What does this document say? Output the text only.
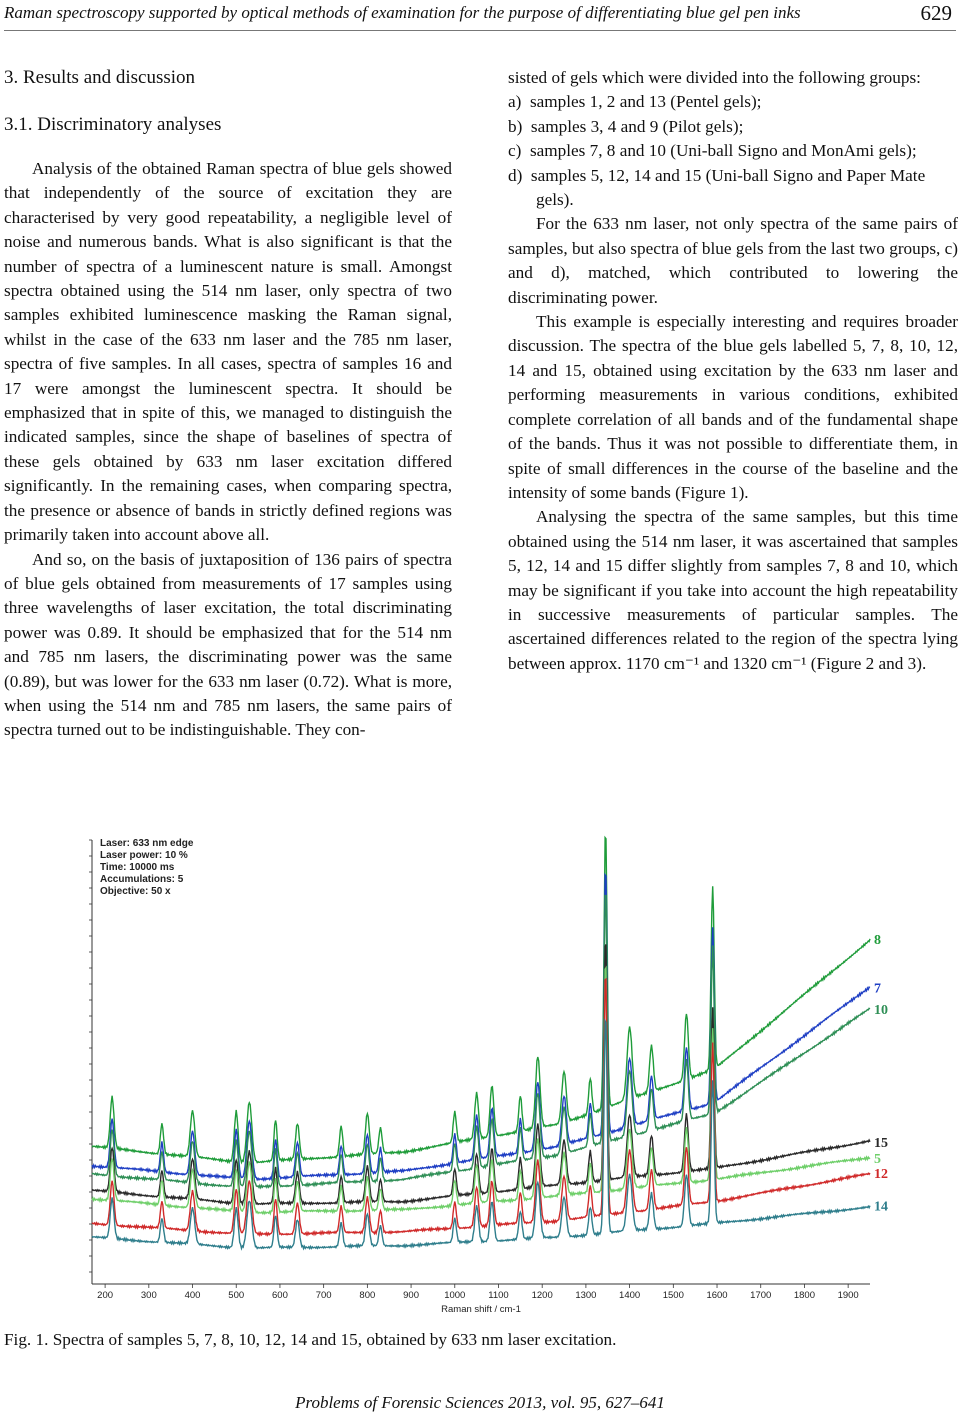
Raman spectroscopy supported by optical methods of examination for the purpose of differentiating blue gel pen inks	629

3. Results and discussion

3.1. Discriminatory analyses

Analysis of the obtained Raman spectra of blue gels showed that independently of the source of excitation they are characterised by very good repeatability, a negligible level of noise and numerous bands. What is also significant is that the number of spectra of a luminescent nature is small. Amongst spectra obtained using the 514 nm laser, only spectra of two samples exhibited luminescence masking the Raman signal, whilst in the case of the 633 nm laser and the 785 nm laser, spectra of five samples. In all cases, spectra of samples 16 and 17 were amongst the luminescent spectra. It should be emphasized that in spite of this, we managed to distinguish the indicated samples, since the shape of baselines of spectra of these gels obtained by 633 nm laser excitation differed significantly. In the remaining cases, when comparing spectra, the presence or absence of bands in strictly defined regions was primarily taken into account above all.

And so, on the basis of juxtaposition of 136 pairs of spectra of blue gels obtained from measurements of 17 samples using three wavelengths of laser excitation, the total discriminating power was 0.89. It should be emphasized that for the 514 nm and 785 nm lasers, the discriminating power was the same (0.89), but was lower for the 633 nm laser (0.72). What is more, when using the 514 nm and 785 nm lasers, the same pairs of spectra turned out to be indistinguishable. They con-

sisted of gels which were divided into the following groups:

a) samples 1, 2 and 13 (Pentel gels);
b) samples 3, 4 and 9 (Pilot gels);
c) samples 7, 8 and 10 (Uni-ball Signo and MonAmi gels);
d) samples 5, 12, 14 and 15 (Uni-ball Signo and Paper Mate gels).

For the 633 nm laser, not only spectra of the same pairs of samples, but also spectra of blue gels from the last two groups, c) and d), matched, which contributed to lowering the discriminating power.

This example is especially interesting and requires broader discussion. The spectra of the blue gels labelled 5, 7, 8, 10, 12, 14 and 15, obtained using excitation by the 633 nm laser and performing measurements in various conditions, exhibited complete correlation of all bands and of the fundamental shape of the bands. Thus it was not possible to differentiate them, in spite of small differences in the course of the baseline and the intensity of some bands (Figure 1).

Analysing the spectra of the same samples, but this time obtained using the 514 nm laser, it was ascertained that samples 5, 12, 14 and 15 differ slightly from samples 7, 8 and 10, which may be significant if you take into account the high repeatability in successive measurements of particular samples. The ascertained differences related to the region of the spectra lying between approx. 1170 cm⁻¹ and 1320 cm⁻¹ (Figure 2 and 3).

Laser: 633 nm edge
Laser power: 10 %
Time: 10000 ms
Accumulations: 5
Objective: 50 x
200	300	400	500	600	700	800	900	1000 1100 1200 1300 1400 1500 1600 1700 1800 1900
Raman shift / cm-1
8
7
10
15
5
12
14
Fig. 1. Spectra of samples 5, 7, 8, 10, 12, 14 and 15, obtained by 633 nm laser excitation.
Problems of Forensic Sciences 2013, vol. 95, 627–641
